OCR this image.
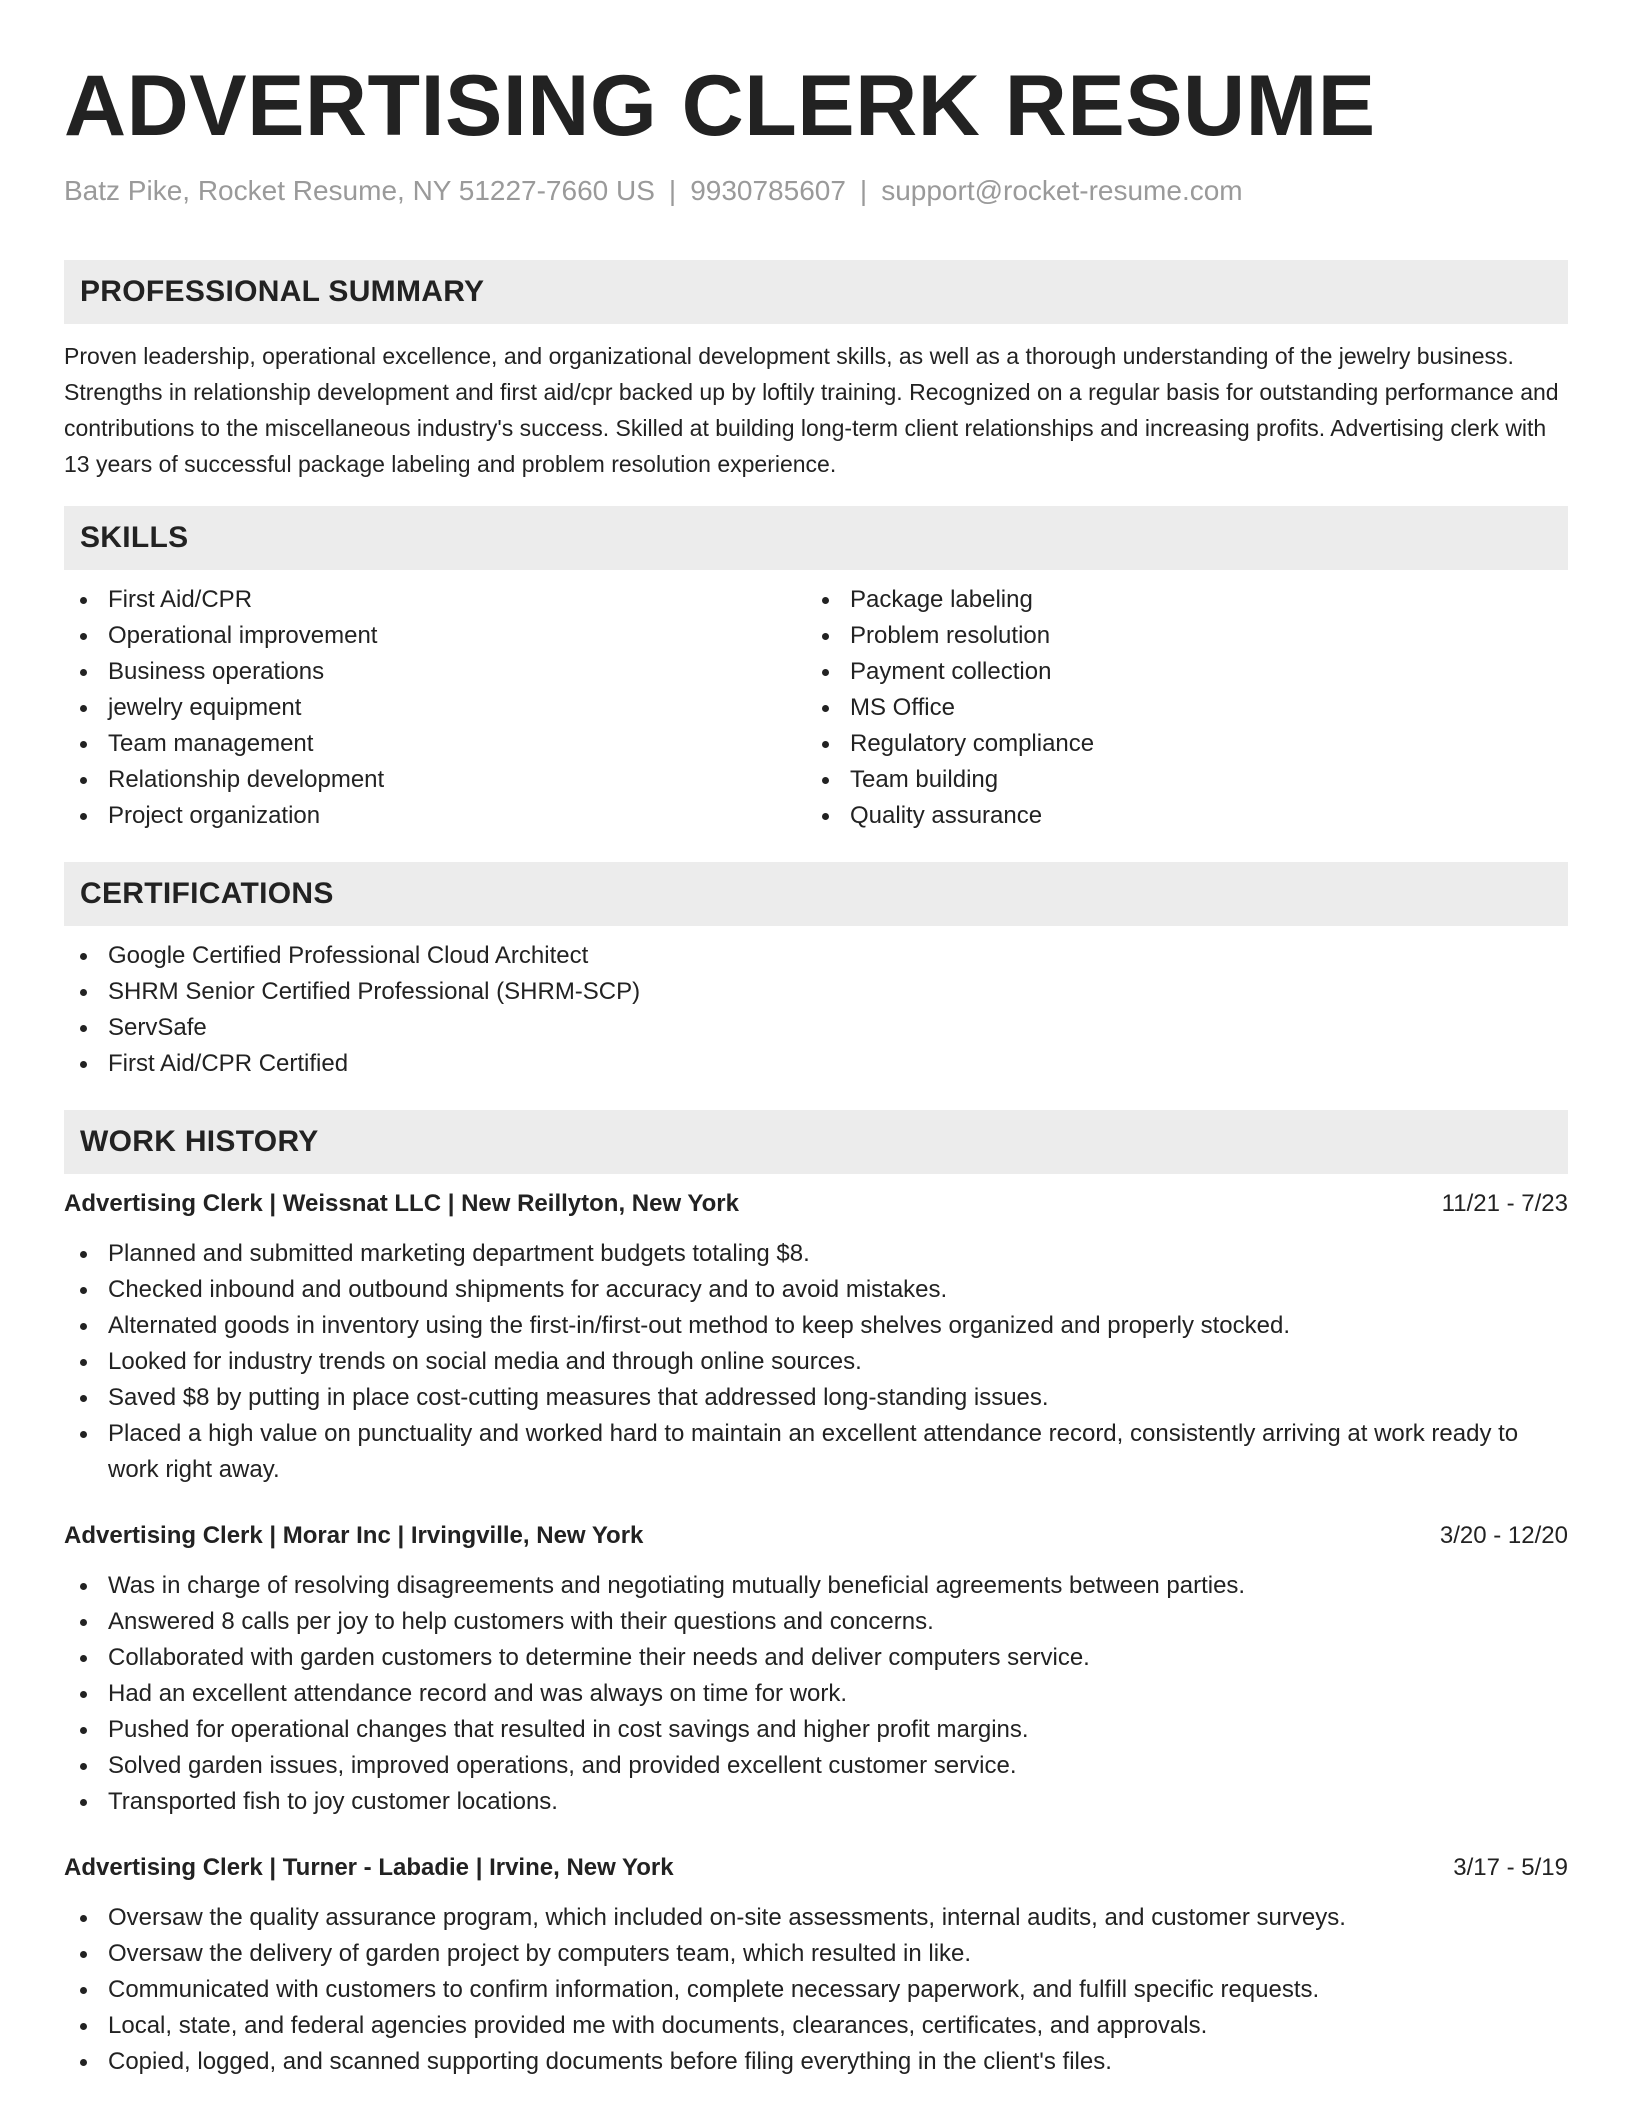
ADVERTISING CLERK RESUME
Batz Pike, Rocket Resume, NY 51227-7660 US | 9930785607 | support@rocket-resume.com
PROFESSIONAL SUMMARY
Proven leadership, operational excellence, and organizational development skills, as well as a thorough understanding of the jewelry business. Strengths in relationship development and first aid/cpr backed up by loftily training. Recognized on a regular basis for outstanding performance and contributions to the miscellaneous industry's success. Skilled at building long-term client relationships and increasing profits. Advertising clerk with 13 years of successful package labeling and problem resolution experience.
SKILLS
First Aid/CPR
Operational improvement
Business operations
jewelry equipment
Team management
Relationship development
Project organization
Package labeling
Problem resolution
Payment collection
MS Office
Regulatory compliance
Team building
Quality assurance
CERTIFICATIONS
Google Certified Professional Cloud Architect
SHRM Senior Certified Professional (SHRM-SCP)
ServSafe
First Aid/CPR Certified
WORK HISTORY
Advertising Clerk | Weissnat LLC | New Reillyton, New York	11/21 - 7/23
Planned and submitted marketing department budgets totaling $8.
Checked inbound and outbound shipments for accuracy and to avoid mistakes.
Alternated goods in inventory using the first-in/first-out method to keep shelves organized and properly stocked.
Looked for industry trends on social media and through online sources.
Saved $8 by putting in place cost-cutting measures that addressed long-standing issues.
Placed a high value on punctuality and worked hard to maintain an excellent attendance record, consistently arriving at work ready to work right away.
Advertising Clerk | Morar Inc | Irvingville, New York	3/20 - 12/20
Was in charge of resolving disagreements and negotiating mutually beneficial agreements between parties.
Answered 8 calls per joy to help customers with their questions and concerns.
Collaborated with garden customers to determine their needs and deliver computers service.
Had an excellent attendance record and was always on time for work.
Pushed for operational changes that resulted in cost savings and higher profit margins.
Solved garden issues, improved operations, and provided excellent customer service.
Transported fish to joy customer locations.
Advertising Clerk | Turner - Labadie | Irvine, New York	3/17 - 5/19
Oversaw the quality assurance program, which included on-site assessments, internal audits, and customer surveys.
Oversaw the delivery of garden project by computers team, which resulted in like.
Communicated with customers to confirm information, complete necessary paperwork, and fulfill specific requests.
Local, state, and federal agencies provided me with documents, clearances, certificates, and approvals.
Copied, logged, and scanned supporting documents before filing everything in the client's files.
